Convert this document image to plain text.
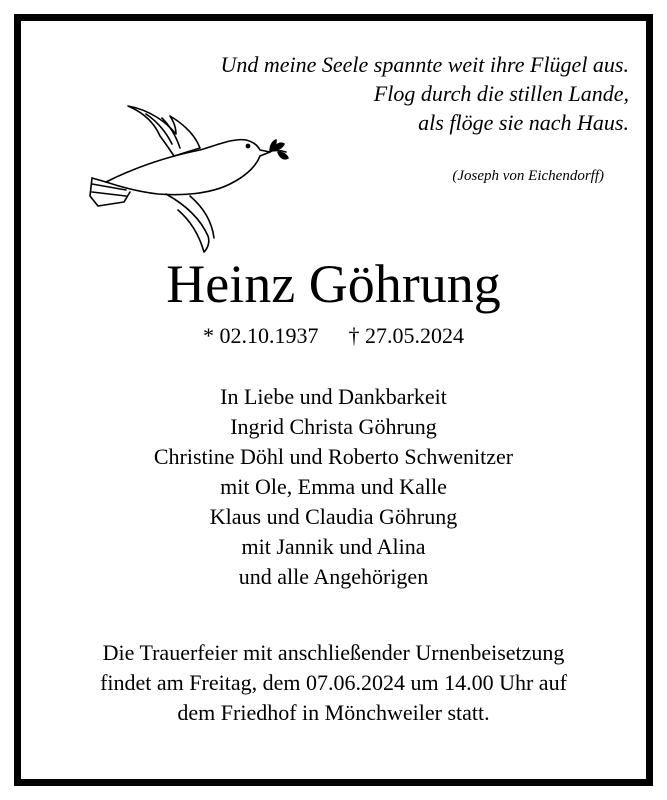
Und meine Seele spannte weit ihre Flügel aus.
Flog durch die stillen Lande,
als flöge sie nach Haus.
(Joseph von Eichendorff)
Heinz Göhrung
* 02.10.1937 † 27.05.2024
In Liebe und Dankbarkeit
Ingrid Christa Göhrung
Christine Döhl und Roberto Schwenitzer
mit Ole, Emma und Kalle
Klaus und Claudia Göhrung
mit Jannik und Alina
und alle Angehörigen
Die Trauerfeier mit anschließender Urnenbeisetzung
findet am Freitag, dem 07.06.2024 um 14.00 Uhr auf
dem Friedhof in Mönchweiler statt.
